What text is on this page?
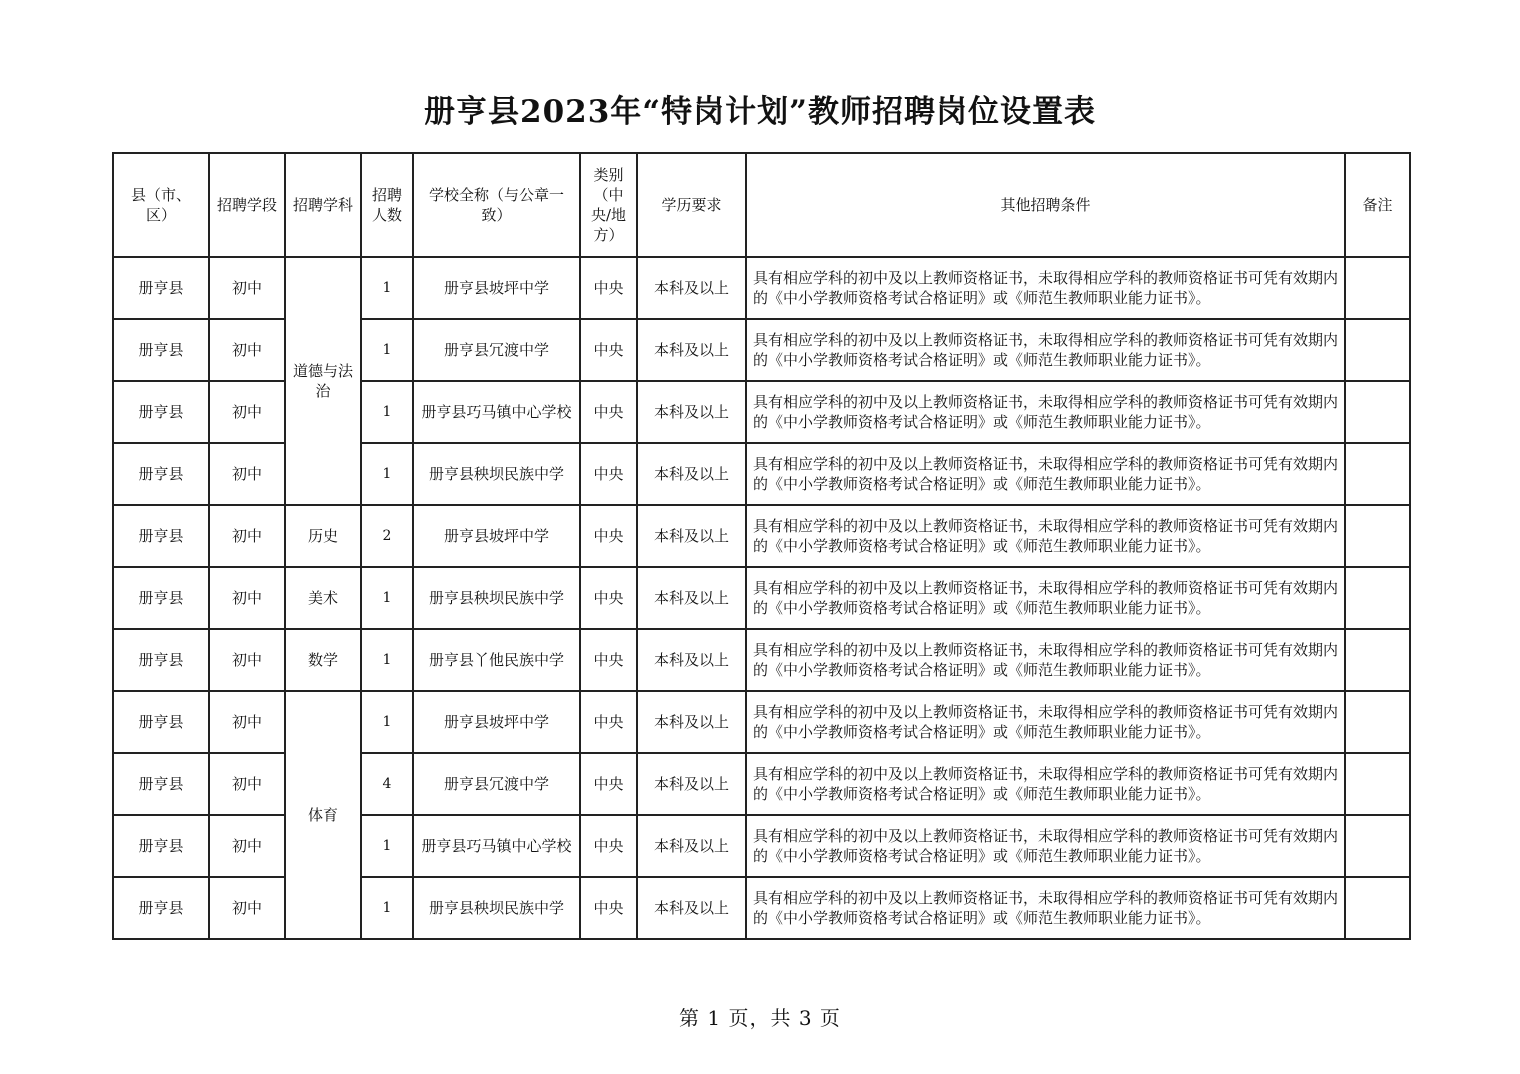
册亨县2023年“特岗计划”教师招聘岗位设置表
县（市、区）	招聘学段	招聘学科	招聘人数	学校全称（与公章一致）	类别（中央/地方）	学历要求	其他招聘条件	备注
册亨县	初中	道德与法治	1	册亨县坡坪中学	中央	本科及以上	具有相应学科的初中及以上教师资格证书，未取得相应学科的教师资格证书可凭有效期内的《中小学教师资格考试合格证明》或《师范生教师职业能力证书》。	
册亨县	初中		1	册亨县冗渡中学	中央	本科及以上	具有相应学科的初中及以上教师资格证书，未取得相应学科的教师资格证书可凭有效期内的《中小学教师资格考试合格证明》或《师范生教师职业能力证书》。	
册亨县	初中		1	册亨县巧马镇中心学校	中央	本科及以上	具有相应学科的初中及以上教师资格证书，未取得相应学科的教师资格证书可凭有效期内的《中小学教师资格考试合格证明》或《师范生教师职业能力证书》。	
册亨县	初中		1	册亨县秧坝民族中学	中央	本科及以上	具有相应学科的初中及以上教师资格证书，未取得相应学科的教师资格证书可凭有效期内的《中小学教师资格考试合格证明》或《师范生教师职业能力证书》。	
册亨县	初中	历史	2	册亨县坡坪中学	中央	本科及以上	具有相应学科的初中及以上教师资格证书，未取得相应学科的教师资格证书可凭有效期内的《中小学教师资格考试合格证明》或《师范生教师职业能力证书》。	
册亨县	初中	美术	1	册亨县秧坝民族中学	中央	本科及以上	具有相应学科的初中及以上教师资格证书，未取得相应学科的教师资格证书可凭有效期内的《中小学教师资格考试合格证明》或《师范生教师职业能力证书》。	
册亨县	初中	数学	1	册亨县丫他民族中学	中央	本科及以上	具有相应学科的初中及以上教师资格证书，未取得相应学科的教师资格证书可凭有效期内的《中小学教师资格考试合格证明》或《师范生教师职业能力证书》。	
册亨县	初中	体育	1	册亨县坡坪中学	中央	本科及以上	具有相应学科的初中及以上教师资格证书，未取得相应学科的教师资格证书可凭有效期内的《中小学教师资格考试合格证明》或《师范生教师职业能力证书》。	
册亨县	初中		4	册亨县冗渡中学	中央	本科及以上	具有相应学科的初中及以上教师资格证书，未取得相应学科的教师资格证书可凭有效期内的《中小学教师资格考试合格证明》或《师范生教师职业能力证书》。	
册亨县	初中		1	册亨县巧马镇中心学校	中央	本科及以上	具有相应学科的初中及以上教师资格证书，未取得相应学科的教师资格证书可凭有效期内的《中小学教师资格考试合格证明》或《师范生教师职业能力证书》。	
册亨县	初中		1	册亨县秧坝民族中学	中央	本科及以上	具有相应学科的初中及以上教师资格证书，未取得相应学科的教师资格证书可凭有效期内的《中小学教师资格考试合格证明》或《师范生教师职业能力证书》。	
第 1 页，共 3 页
